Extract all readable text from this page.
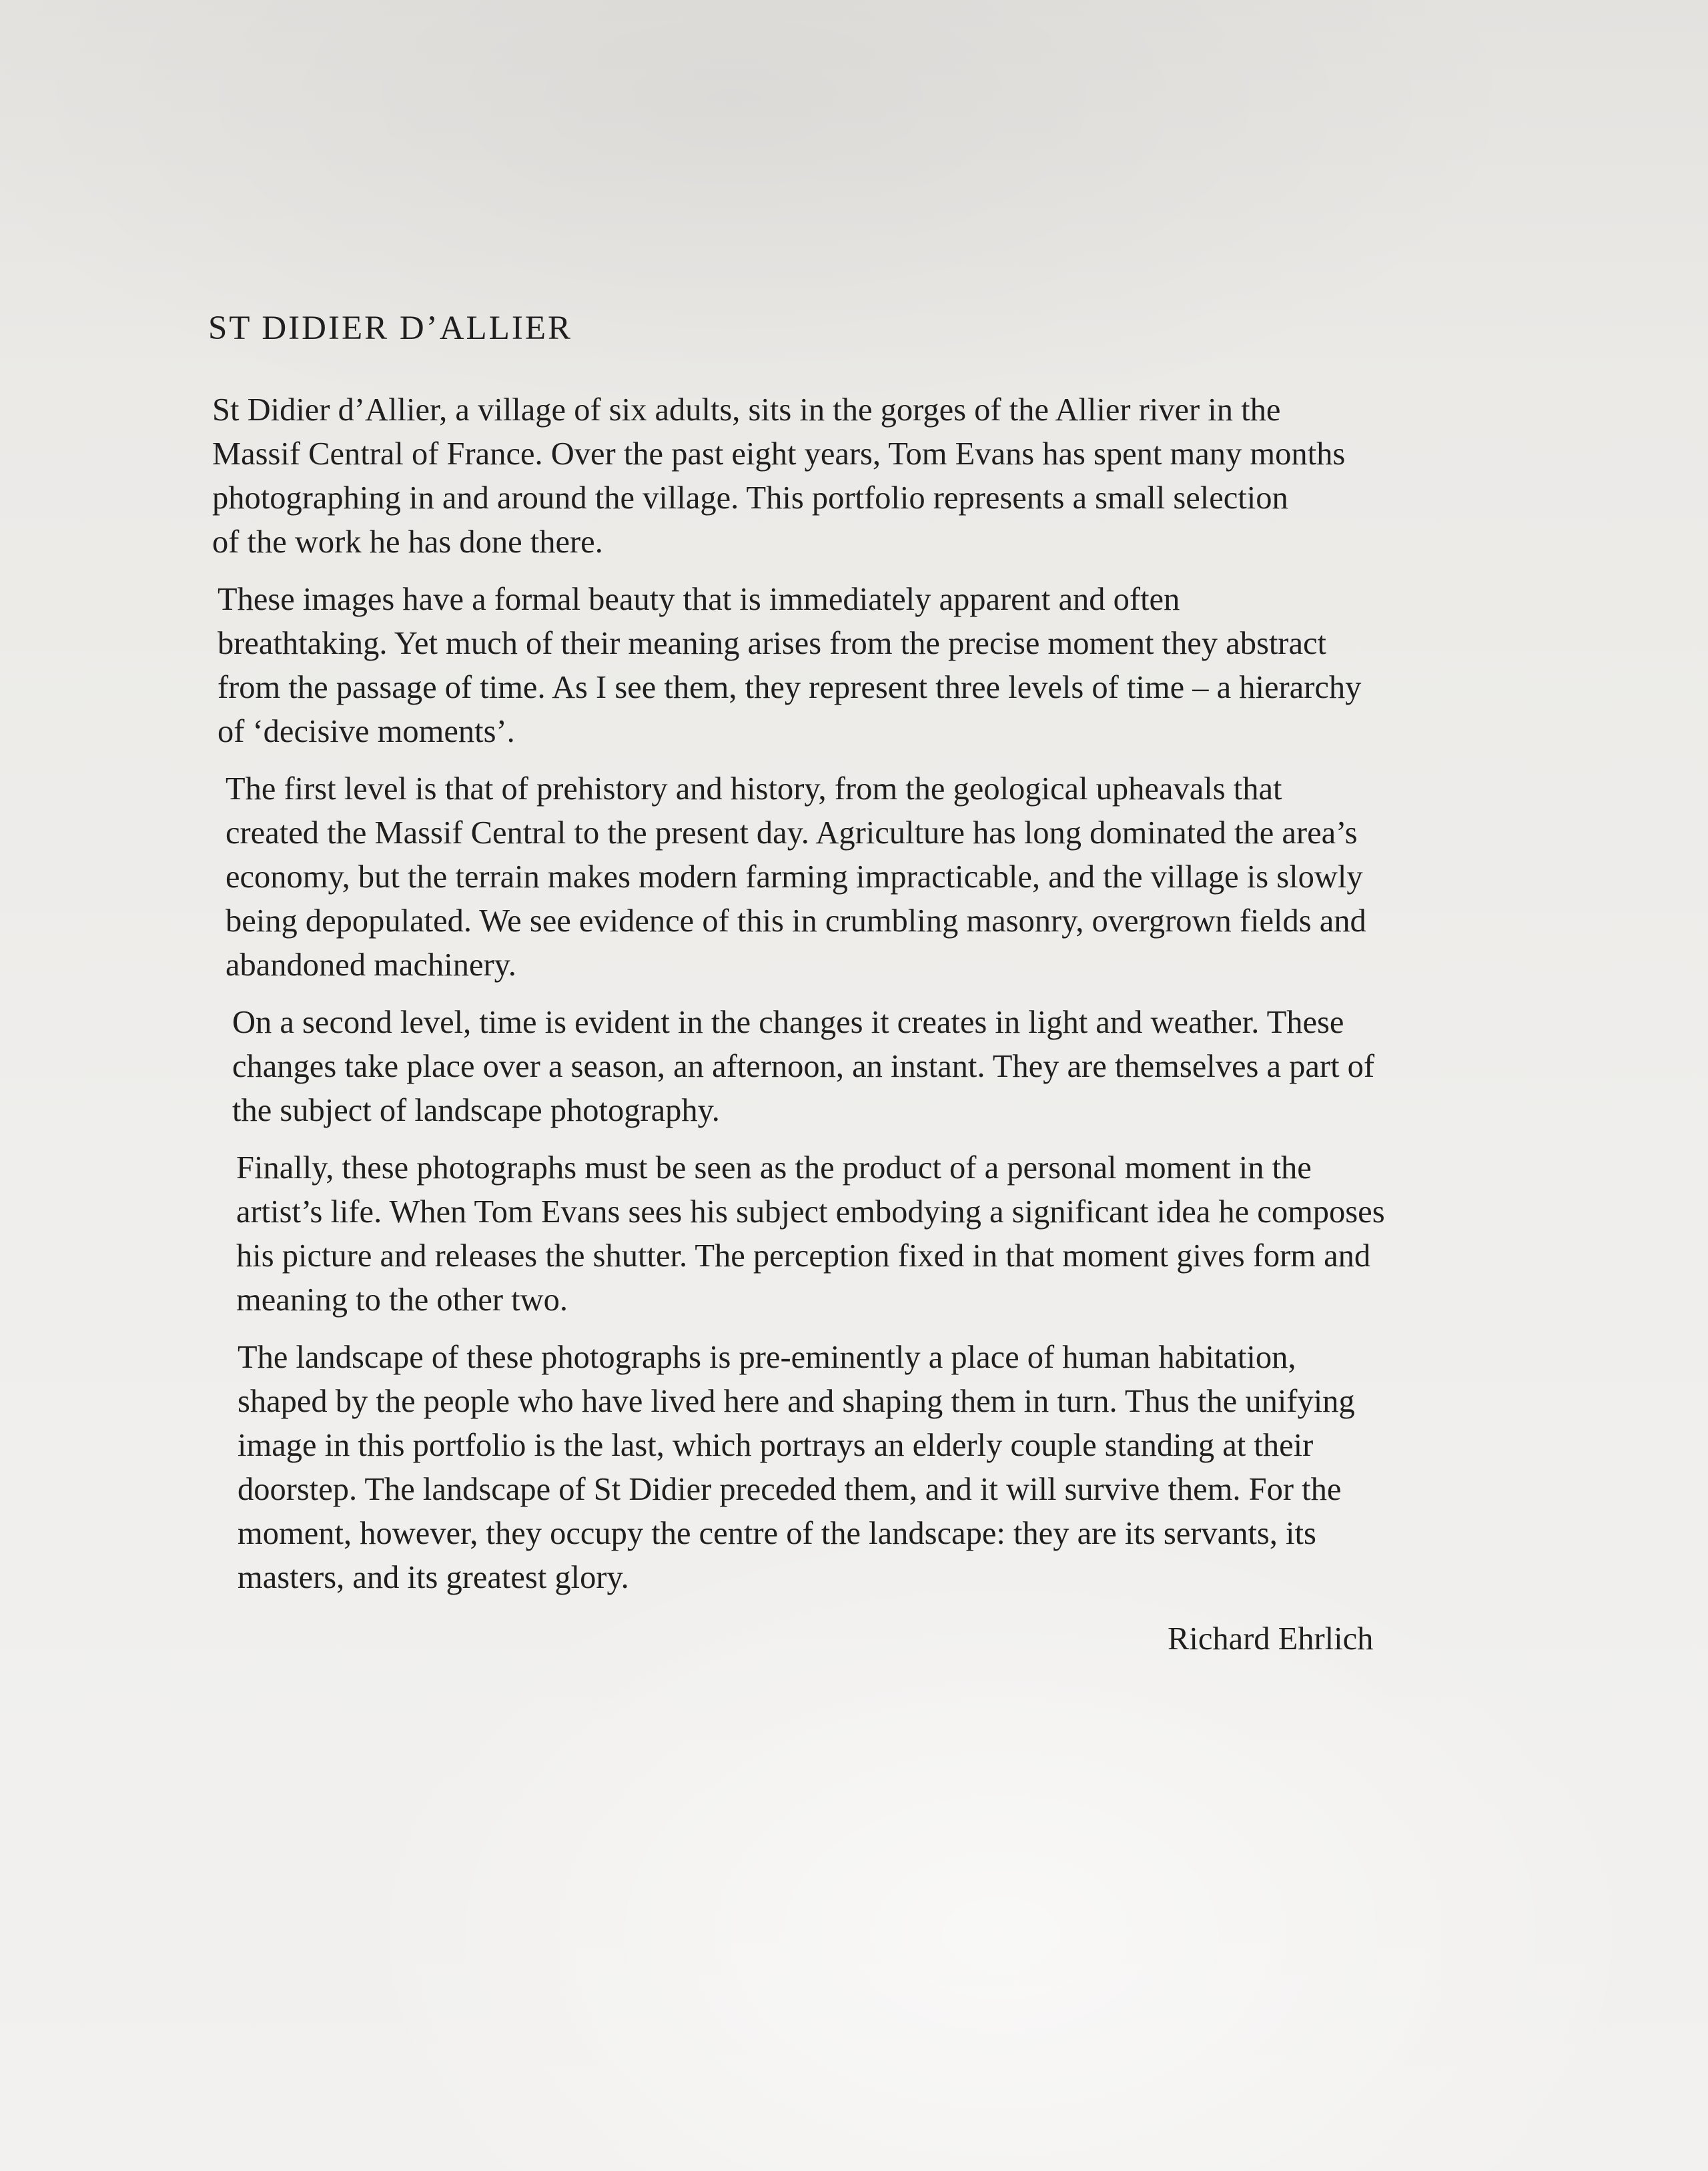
ST DIDIER D’ALLIER

St Didier d’Allier, a village of six adults, sits in the gorges of the Allier river in the
Massif Central of France. Over the past eight years, Tom Evans has spent many months
photographing in and around the village. This portfolio represents a small selection
of the work he has done there.

These images have a formal beauty that is immediately apparent and often
breathtaking. Yet much of their meaning arises from the precise moment they abstract
from the passage of time. As I see them, they represent three levels of time – a hierarchy
of ‘decisive moments’.

The first level is that of prehistory and history, from the geological upheavals that
created the Massif Central to the present day. Agriculture has long dominated the area’s
economy, but the terrain makes modern farming impracticable, and the village is slowly
being depopulated. We see evidence of this in crumbling masonry, overgrown fields and
abandoned machinery.

On a second level, time is evident in the changes it creates in light and weather. These
changes take place over a season, an afternoon, an instant. They are themselves a part of
the subject of landscape photography.

Finally, these photographs must be seen as the product of a personal moment in the
artist’s life. When Tom Evans sees his subject embodying a significant idea he composes
his picture and releases the shutter. The perception fixed in that moment gives form and
meaning to the other two.

The landscape of these photographs is pre-eminently a place of human habitation,
shaped by the people who have lived here and shaping them in turn. Thus the unifying
image in this portfolio is the last, which portrays an elderly couple standing at their
doorstep. The landscape of St Didier preceded them, and it will survive them. For the
moment, however, they occupy the centre of the landscape: they are its servants, its
masters, and its greatest glory.

Richard Ehrlich
